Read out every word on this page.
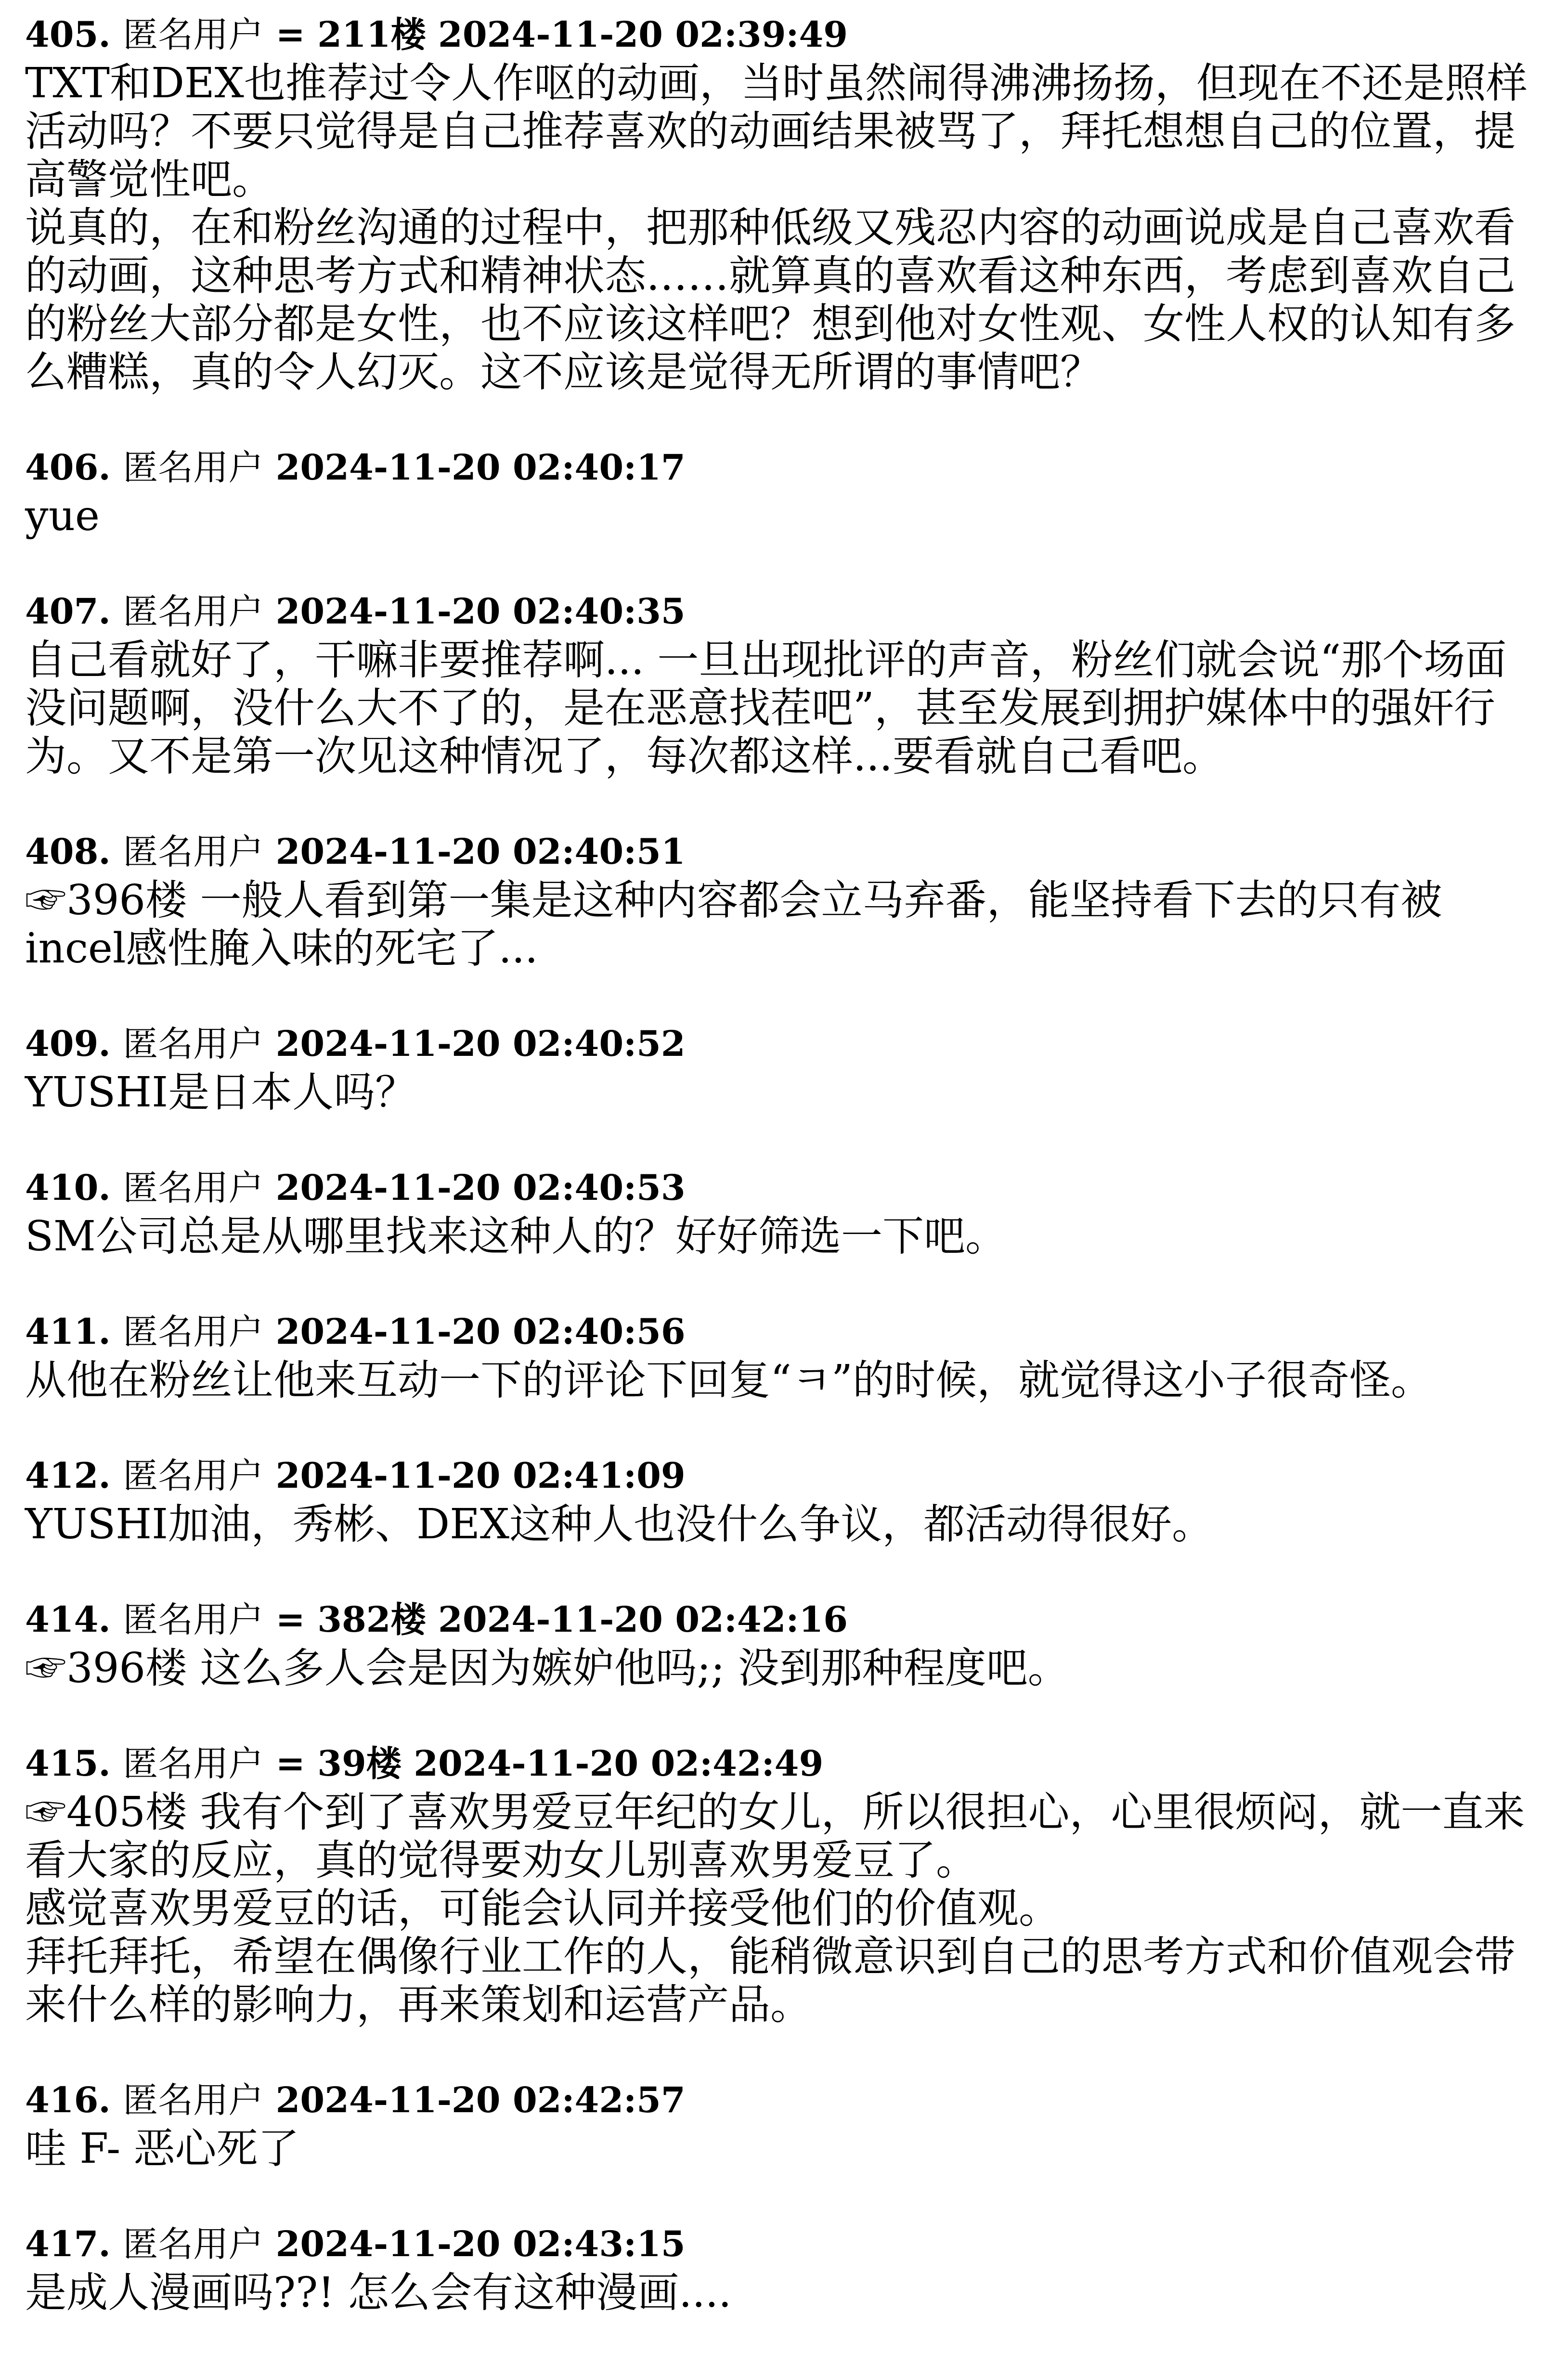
405. 匿名用户 = 211楼 2024-11-20 02:39:49

TXT和DEX也推荐过令人作呕的动画，当时虽然闹得沸沸扬扬，但现在不还是照样活动吗？不要只觉得是自己推荐喜欢的动画结果被骂了，拜托想想自己的位置，提高警觉性吧。

说真的，在和粉丝沟通的过程中，把那种低级又残忍内容的动画说成是自己喜欢看的动画，这种思考方式和精神状态……就算真的喜欢看这种东西，考虑到喜欢自己的粉丝大部分都是女性，也不应该这样吧？想到他对女性观、女性人权的认知有多么糟糕，真的令人幻灭。这不应该是觉得无所谓的事情吧？

406. 匿名用户 2024-11-20 02:40:17

yue

407. 匿名用户 2024-11-20 02:40:35

自己看就好了，干嘛非要推荐啊... 一旦出现批评的声音，粉丝们就会说“那个场面没问题啊，没什么大不了的，是在恶意找茬吧”，甚至发展到拥护媒体中的强奸行为。又不是第一次见这种情况了，每次都这样...要看就自己看吧。

408. 匿名用户 2024-11-20 02:40:51

☞396楼 一般人看到第一集是这种内容都会立马弃番，能坚持看下去的只有被incel感性腌入味的死宅了...

409. 匿名用户 2024-11-20 02:40:52

YUSHI是日本人吗？

410. 匿名用户 2024-11-20 02:40:53

SM公司总是从哪里找来这种人的？好好筛选一下吧。

411. 匿名用户 2024-11-20 02:40:56

从他在粉丝让他来互动一下的评论下回复“ㅋ”的时候，就觉得这小子很奇怪。

412. 匿名用户 2024-11-20 02:41:09

YUSHI加油，秀彬、DEX这种人也没什么争议，都活动得很好。

414. 匿名用户 = 382楼 2024-11-20 02:42:16

☞396楼 这么多人会是因为嫉妒他吗;; 没到那种程度吧。

415. 匿名用户 = 39楼 2024-11-20 02:42:49

☞405楼 我有个到了喜欢男爱豆年纪的女儿，所以很担心，心里很烦闷，就一直来看大家的反应，真的觉得要劝女儿别喜欢男爱豆了。

感觉喜欢男爱豆的话，可能会认同并接受他们的价值观。

拜托拜托，希望在偶像行业工作的人，能稍微意识到自己的思考方式和价值观会带来什么样的影响力，再来策划和运营产品。

416. 匿名用户 2024-11-20 02:42:57

哇 F- 恶心死了

417. 匿名用户 2024-11-20 02:43:15

是成人漫画吗??! 怎么会有这种漫画....
